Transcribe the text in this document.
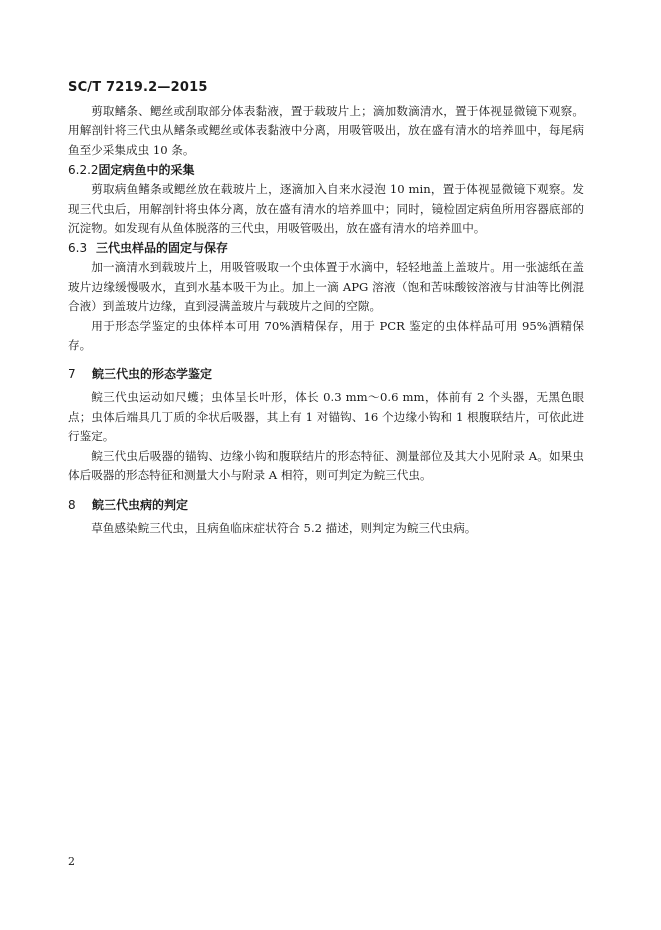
SC/T 7219.2—2015

剪取鳍条、鳃丝或刮取部分体表黏液，置于载玻片上；滴加数滴清水，置于体视显微镜下观察。用解剖针将三代虫从鳍条或鳃丝或体表黏液中分离，用吸管吸出，放在盛有清水的培养皿中，每尾病鱼至少采集成虫 10 条。

6.2.2固定病鱼中的采集

剪取病鱼鳍条或鳃丝放在载玻片上，逐滴加入自来水浸泡 10 min，置于体视显微镜下观察。发现三代虫后，用解剖针将虫体分离，放在盛有清水的培养皿中；同时，镜检固定病鱼所用容器底部的沉淀物。如发现有从鱼体脱落的三代虫，用吸管吸出，放在盛有清水的培养皿中。

6.3 三代虫样品的固定与保存

加一滴清水到载玻片上，用吸管吸取一个虫体置于水滴中，轻轻地盖上盖玻片。用一张滤纸在盖玻片边缘缓慢吸水，直到水基本吸干为止。加上一滴 APG 溶液（饱和苦味酸铵溶液与甘油等比例混合液）到盖玻片边缘，直到浸满盖玻片与载玻片之间的空隙。

用于形态学鉴定的虫体样本可用 70%酒精保存，用于 PCR 鉴定的虫体样品可用 95%酒精保存。

7 鲩三代虫的形态学鉴定

鲩三代虫运动如尺蠖；虫体呈长叶形，体长 0.3 mm～0.6 mm，体前有 2 个头器，无黑色眼点；虫体后端具几丁质的伞状后吸器，其上有 1 对锚钩、16 个边缘小钩和 1 根腹联结片，可依此进行鉴定。

鲩三代虫后吸器的锚钩、边缘小钩和腹联结片的形态特征、测量部位及其大小见附录 A。如果虫体后吸器的形态特征和测量大小与附录 A 相符，则可判定为鲩三代虫。

8 鲩三代虫病的判定

草鱼感染鲩三代虫，且病鱼临床症状符合 5.2 描述，则判定为鲩三代虫病。

2
